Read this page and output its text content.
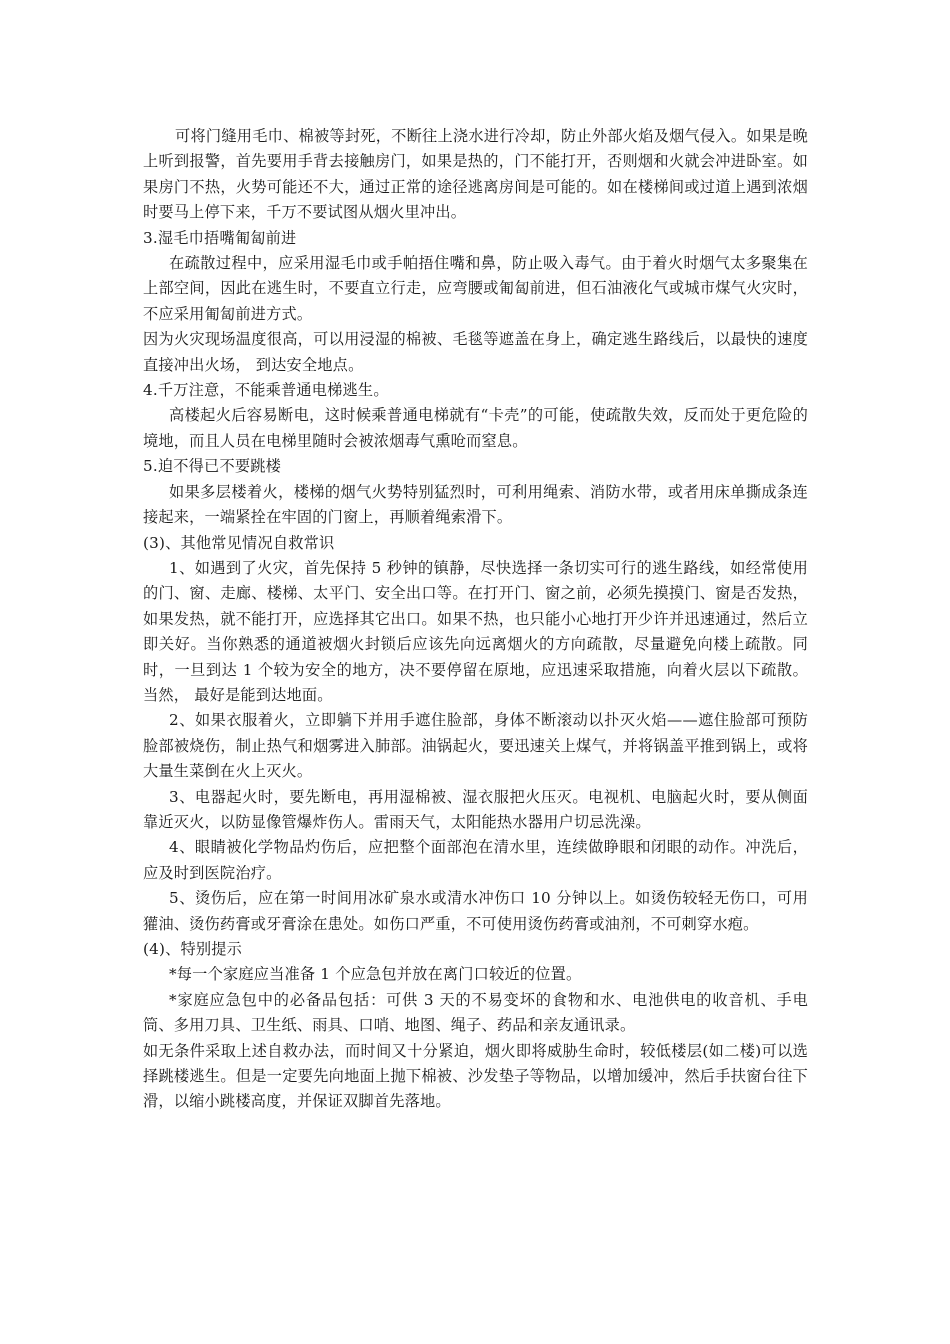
可将门缝用毛巾、棉被等封死，不断往上浇水进行冷却，防止外部火焰及烟气侵入。如果是晚上听到报警，首先要用手背去接触房门，如果是热的，门不能打开，否则烟和火就会冲进卧室。如果房门不热，火势可能还不大，通过正常的途径逃离房间是可能的。如在楼梯间或过道上遇到浓烟时要马上停下来，千万不要试图从烟火里冲出。

3.湿毛巾捂嘴匍匐前进

在疏散过程中，应采用湿毛巾或手帕捂住嘴和鼻，防止吸入毒气。由于着火时烟气太多聚集在上部空间，因此在逃生时，不要直立行走，应弯腰或匍匐前进，但石油液化气或城市煤气火灾时，不应采用匍匐前进方式。

因为火灾现场温度很高，可以用浸湿的棉被、毛毯等遮盖在身上，确定逃生路线后，以最快的速度直接冲出火场， 到达安全地点。

4.千万注意，不能乘普通电梯逃生。

高楼起火后容易断电，这时候乘普通电梯就有“卡壳”的可能，使疏散失效，反而处于更危险的境地，而且人员在电梯里随时会被浓烟毒气熏呛而窒息。

5.迫不得已不要跳楼

如果多层楼着火，楼梯的烟气火势特别猛烈时，可利用绳索、消防水带，或者用床单撕成条连接起来，一端紧拴在牢固的门窗上，再顺着绳索滑下。

(3)、其他常见情况自救常识

1、如遇到了火灾，首先保持 5 秒钟的镇静，尽快选择一条切实可行的逃生路线，如经常使用的门、窗、走廊、楼梯、太平门、安全出口等。在打开门、窗之前，必须先摸摸门、窗是否发热，如果发热，就不能打开，应选择其它出口。如果不热，也只能小心地打开少许并迅速通过，然后立即关好。当你熟悉的通道被烟火封锁后应该先向远离烟火的方向疏散，尽量避免向楼上疏散。同时，一旦到达 1 个较为安全的地方，决不要停留在原地，应迅速采取措施，向着火层以下疏散。当然， 最好是能到达地面。

2、如果衣服着火，立即躺下并用手遮住脸部，身体不断滚动以扑灭火焰——遮住脸部可预防脸部被烧伤，制止热气和烟雾进入肺部。油锅起火，要迅速关上煤气，并将锅盖平推到锅上，或将大量生菜倒在火上灭火。

3、电器起火时，要先断电，再用湿棉被、湿衣服把火压灭。电视机、电脑起火时，要从侧面靠近灭火，以防显像管爆炸伤人。雷雨天气，太阳能热水器用户切忌洗澡。

4、眼睛被化学物品灼伤后，应把整个面部泡在清水里，连续做睁眼和闭眼的动作。冲洗后，应及时到医院治疗。

5、烫伤后，应在第一时间用冰矿泉水或清水冲伤口 10 分钟以上。如烫伤较轻无伤口，可用獾油、烫伤药膏或牙膏涂在患处。如伤口严重，不可使用烫伤药膏或油剂，不可刺穿水疱。

(4)、特别提示

*每一个家庭应当准备 1 个应急包并放在离门口较近的位置。

*家庭应急包中的必备品包括：可供 3 天的不易变坏的食物和水、电池供电的收音机、手电筒、多用刀具、卫生纸、雨具、口哨、地图、绳子、药品和亲友通讯录。

如无条件采取上述自救办法，而时间又十分紧迫，烟火即将威胁生命时，较低楼层(如二楼)可以选择跳楼逃生。但是一定要先向地面上抛下棉被、沙发垫子等物品，以增加缓冲，然后手扶窗台往下滑，以缩小跳楼高度，并保证双脚首先落地。
